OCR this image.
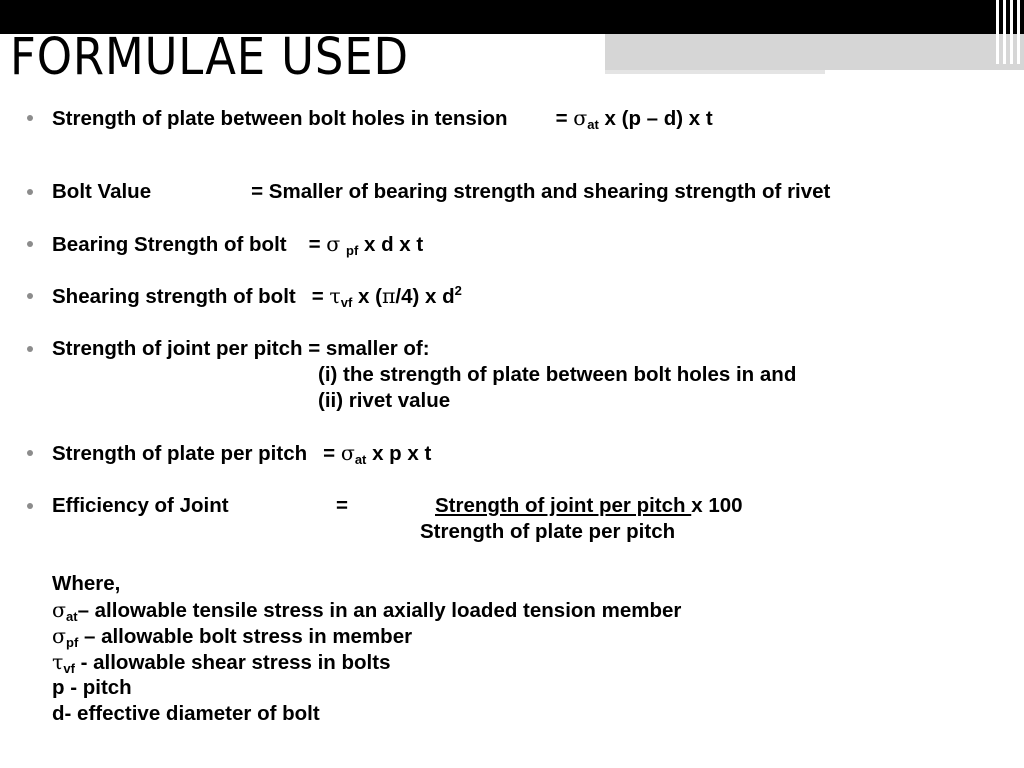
FORMULAE USED
Strength of plate between bolt holes in tension = $\sigma_{at}$ x (p – d) x t
Bolt Value	= Smaller of bearing strength and shearing strength of rivet
Bearing Strength of bolt = σ $_{pf}$ x d x t
Shearing strength of bolt = $\tau_{vf}$ x (π/4) x $d^2$
Strength of joint per pitch = smaller of:
(i) the strength of plate between bolt holes in and
(ii) rivet value
Strength of plate per pitch = $\sigma_{at}$ x p x t
Efficiency of Joint	=	Strength of joint per pitch x 100
Strength of plate per pitch
Where,
$\sigma_{at}-$ allowable tensile stress in an axially loaded tension member
$\sigma_{pf}$ – allowable bolt stress in member
$\tau_{vf}$ - allowable shear stress in bolts
p - pitch
d- effective diameter of bolt
